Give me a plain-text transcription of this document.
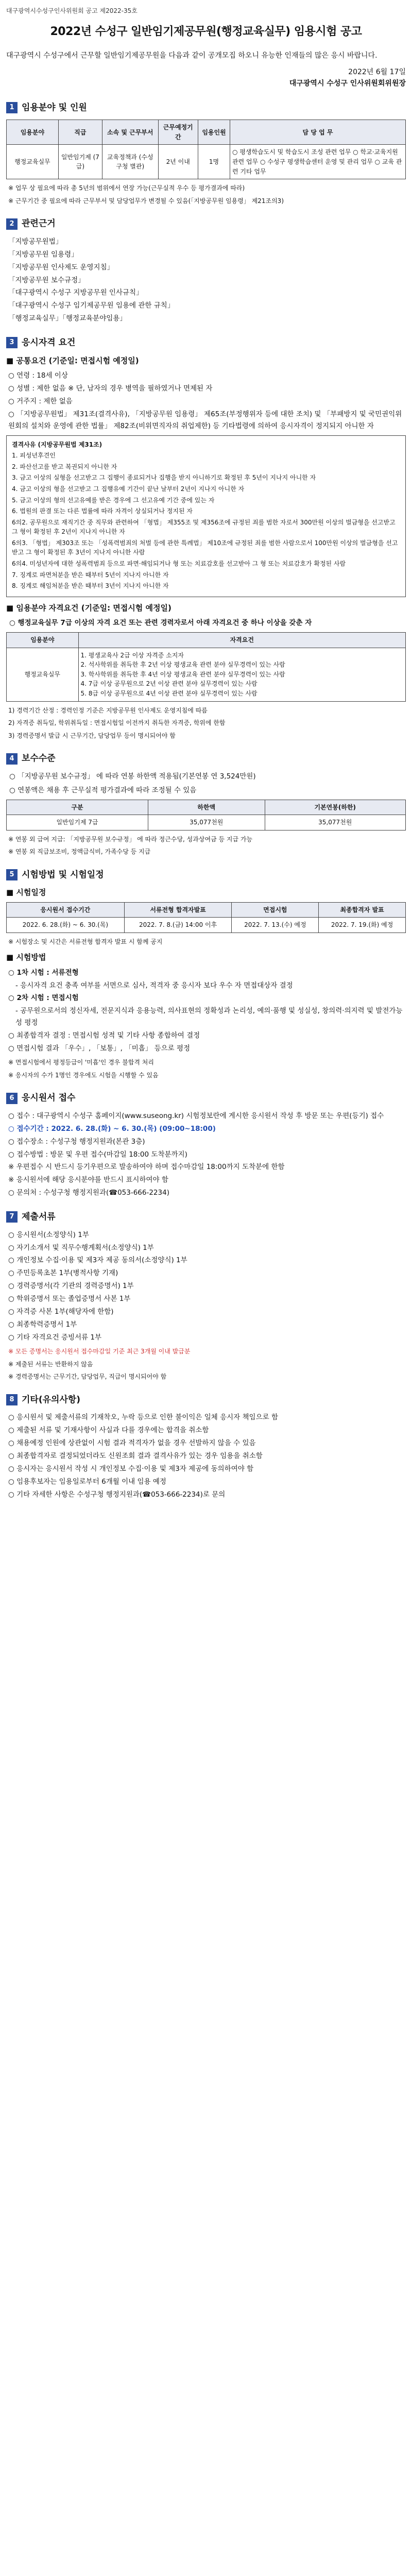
대구광역시수성구인사위원회 공고 제2022-35호
2022년 수성구 일반임기제공무원(행정교육실무) 임용시험 공고
대구광역시 수성구에서 근무할 일반임기제공무원을 다음과 같이 공개모집 하오니 유능한 인재들의 많은 응시 바랍니다.
2022년 6월 17일
대구광역시 수성구 인사위원회위원장
1 임용분야 및 인원
임용분야	직급	소속 및 근무부서	근무예정기간	임용인원	담 당 업 무
행정교육실무	일반임기제 (7급)	교육정책과 (수성구청 별관)	2년 이내	1명	○ 평생학습도시 및 학습도시 조성 관련 업무 ○ 학교·교육지원 관련 업무 ○ 수성구 평생학습센터 운영 및 관리 업무 ○ 교육 관련 기타 업무

※ 업무 상 필요에 따라 총 5년의 범위에서 연장 가능(근무실적 우수 등 평가결과에 따라)

※ 근무기간 중 필요에 따라 근무부서 및 담당업무가 변경될 수 있음(「지방공무원 임용령」 제21조의3)

2 관련근거
「지방공무원법」
「지방공무원 임용령」
「지방공무원 인사제도 운영지침」
「지방공무원 보수규정」
「대구광역시 수성구 지방공무원 인사규칙」
「대구광역시 수성구 임기제공무원 임용에 관한 규칙」
「행정교육실무」「행정교육분야임용」
3 응시자격 요건
■ 공통요건 (기준일: 면접시험 예정일)
○ 연령 : 18세 이상
○ 성별 : 제한 없음 ※ 단, 남자의 경우 병역을 필하였거나 면제된 자
○ 거주지 : 제한 없음
○ 「지방공무원법」 제31조(결격사유), 「지방공무원 임용령」 제65조(부정행위자 등에 대한 조치) 및 「부패방지 및 국민권익위원회의 설치와 운영에 관한 법률」 제82조(비위면직자의 취업제한) 등 기타법령에 의하여 응시자격이 정지되지 아니한 자

결격사유 (지방공무원법 제31조)

1. 피성년후견인

2. 파산선고를 받고 복권되지 아니한 자

3. 금고 이상의 실형을 선고받고 그 집행이 종료되거나 집행을 받지 아니하기로 확정된 후 5년이 지나지 아니한 자

4. 금고 이상의 형을 선고받고 그 집행유예 기간이 끝난 날부터 2년이 지나지 아니한 자

5. 금고 이상의 형의 선고유예를 받은 경우에 그 선고유예 기간 중에 있는 자

6. 법원의 판결 또는 다른 법률에 따라 자격이 상실되거나 정지된 자

6의2. 공무원으로 재직기간 중 직무와 관련하여 「형법」 제355조 및 제356조에 규정된 죄를 범한 자로서 300만원 이상의 벌금형을 선고받고 그 형이 확정된 후 2년이 지나지 아니한 자

6의3. 「형법」 제303조 또는 「성폭력범죄의 처벌 등에 관한 특례법」 제10조에 규정된 죄를 범한 사람으로서 100만원 이상의 벌금형을 선고받고 그 형이 확정된 후 3년이 지나지 아니한 사람

6의4. 미성년자에 대한 성폭력범죄 등으로 파면·해임되거나 형 또는 치료감호를 선고받아 그 형 또는 치료감호가 확정된 사람

7. 징계로 파면처분을 받은 때부터 5년이 지나지 아니한 자

8. 징계로 해임처분을 받은 때부터 3년이 지나지 아니한 자

■ 임용분야 자격요건 (기준일: 면접시험 예정일)

○ 행정교육실무 7급 이상의 자격 요건 또는 관련 경력자로서 아래 자격요건 중 하나 이상을 갖춘 자

임용분야	자격요건
행정교육실무	1. 평생교육사 2급 이상 자격증 소지자
2. 석사학위를 취득한 후 2년 이상 평생교육 관련 분야 실무경력이 있는 사람
3. 학사학위를 취득한 후 4년 이상 평생교육 관련 분야 실무경력이 있는 사람
4. 7급 이상 공무원으로 2년 이상 관련 분야 실무경력이 있는 사람
5. 8급 이상 공무원으로 4년 이상 관련 분야 실무경력이 있는 사람

1) 경력기간 산정 : 경력인정 기준은 지방공무원 인사제도 운영지침에 따름

2) 자격증 취득일, 학위취득일 : 면접시험일 이전까지 취득한 자격증, 학위에 한함

3) 경력증명서 발급 시 근무기간, 담당업무 등이 명시되어야 함

4 보수수준

○ 「지방공무원 보수규정」 에 따라 연봉 하한액 적용됨(기본연봉 연 3,524만원)

○ 연봉액은 채용 후 근무실적 평가결과에 따라 조정될 수 있음

구분	하한액	기본연봉(하한)
일반임기제 7급	35,077천원	35,077천원

※ 연봉 외 급여 지급: 「지방공무원 보수규정」 에 따라 정근수당, 성과상여금 등 지급 가능

※ 연봉 외 직급보조비, 정액급식비, 가족수당 등 지급

5 시험방법 및 시험일정
■ 시험일정
응시원서 접수기간	서류전형 합격자발표	면접시험	최종합격자 발표
2022. 6. 28.(화) ~ 6. 30.(목)	2022. 7. 8.(금) 14:00 이후	2022. 7. 13.(수) 예정	2022. 7. 19.(화) 예정

※ 시험장소 및 시간은 서류전형 합격자 발표 시 함께 공지

■ 시험방법
○ 1차 시험 : 서류전형
- 응시자격 요건 충족 여부를 서면으로 심사, 적격자 중 응시자 보다 우수 자 면접대상자 결정
○ 2차 시험 : 면접시험
- 공무원으로서의 정신자세, 전문지식과 응용능력, 의사표현의 정확성과 논리성, 예의·품행 및 성실성, 창의력·의지력 및 발전가능성 평정
○ 최종합격자 결정 : 면접시험 성적 및 기타 사항 종합하여 결정
○ 면접시험 결과 「우수」, 「보통」, 「미흡」 등으로 평정

※ 면접시험에서 평정등급이 '미흡'인 경우 불합격 처리

※ 응시자의 수가 1명인 경우에도 시험을 시행할 수 있음

6 응시원서 접수
○ 접수 : 대구광역시 수성구 홈페이지(www.suseong.kr) 시험정보란에 게시한 응시원서 작성 후 방문 또는 우편(등기) 접수
○ 접수기간 : 2022. 6. 28.(화) ~ 6. 30.(목) (09:00~18:00)
○ 접수장소 : 수성구청 행정지원과(본관 3층)
○ 접수방법 : 방문 및 우편 접수(마감일 18:00 도착분까지)
※ 우편접수 시 반드시 등기우편으로 발송하여야 하며 접수마감일 18:00까지 도착분에 한함
※ 응시원서에 해당 응시분야를 반드시 표시하여야 함
○ 문의처 : 수성구청 행정지원과(☎053-666-2234)
7 제출서류
○ 응시원서(소정양식) 1부
○ 자기소개서 및 직무수행계획서(소정양식) 1부
○ 개인정보 수집·이용 및 제3자 제공 동의서(소정양식) 1부
○ 주민등록초본 1부(병적사항 기재)
○ 경력증명서(각 기관의 경력증명서) 1부
○ 학위증명서 또는 졸업증명서 사본 1부
○ 자격증 사본 1부(해당자에 한함)
○ 최종학력증명서 1부
○ 기타 자격요건 증빙서류 1부

※ 모든 증명서는 응시원서 접수마감일 기준 최근 3개월 이내 발급분

※ 제출된 서류는 반환하지 않음

※ 경력증명서는 근무기간, 담당업무, 직급이 명시되어야 함

8 기타(유의사항)
○ 응시원서 및 제출서류의 기재착오, 누락 등으로 인한 불이익은 일체 응시자 책임으로 함
○ 제출된 서류 및 기재사항이 사실과 다를 경우에는 합격을 취소함
○ 채용예정 인원에 상관없이 시험 결과 적격자가 없을 경우 선발하지 않을 수 있음
○ 최종합격자로 결정되었더라도 신원조회 결과 결격사유가 있는 경우 임용을 취소함
○ 응시자는 응시원서 작성 시 개인정보 수집·이용 및 제3자 제공에 동의하여야 함
○ 임용후보자는 임용일로부터 6개월 이내 임용 예정
○ 기타 자세한 사항은 수성구청 행정지원과(☎053-666-2234)로 문의
